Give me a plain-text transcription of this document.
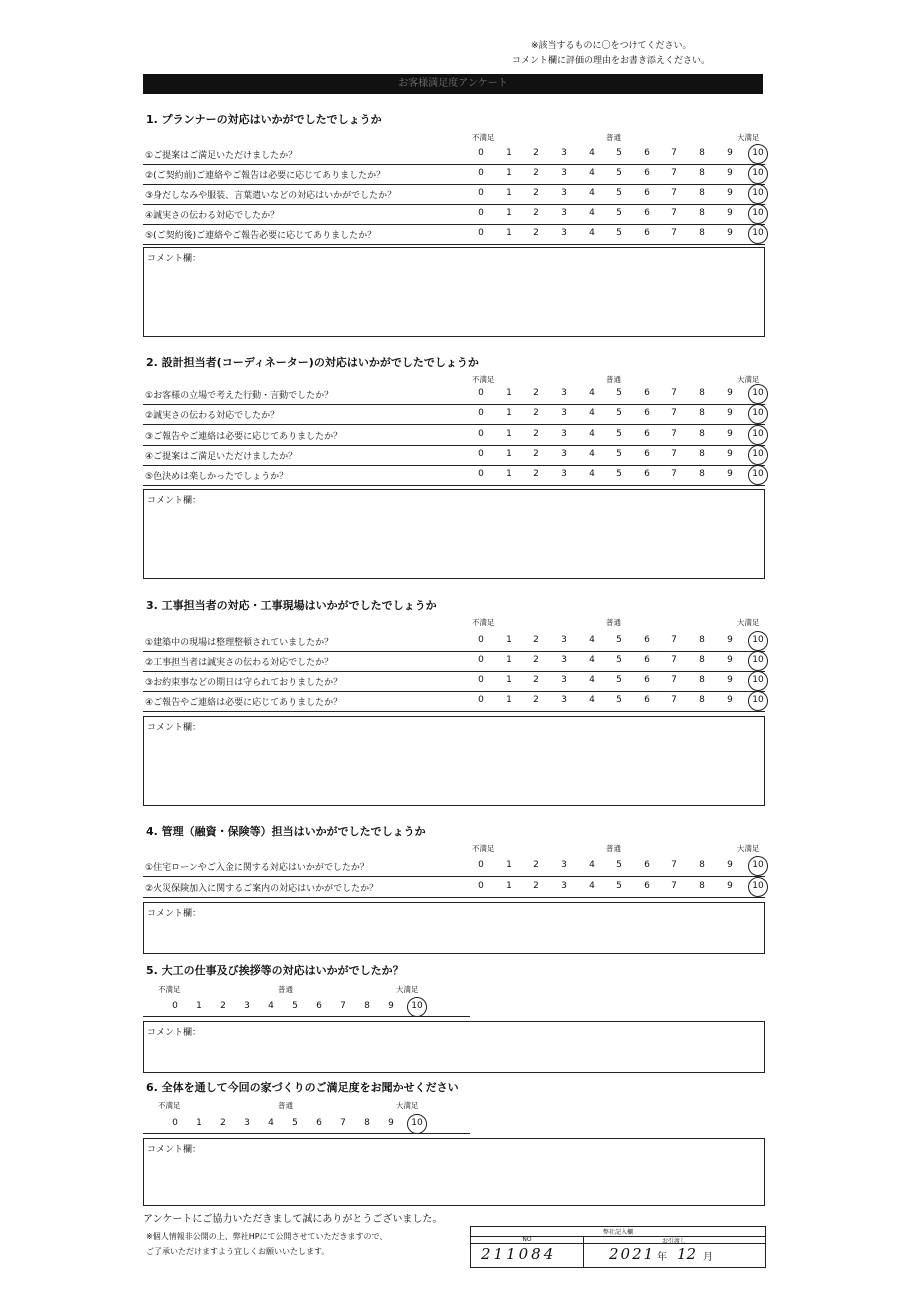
※該当するものに〇をつけてください。
コメント欄に評価の理由をお書き添えください。
お客様満足度アンケート
1. プランナーの対応はいかがでしたでしょうか
不満足	普通	大満足
①ご提案はご満足いただけましたか？	0	1	2	3	4	5	6	7	8	9	10
②(ご契約前)ご連絡やご報告は必要に応じてありましたか？	0	1	2	3	4	5	6	7	8	9	10
③身だしなみや服装、言葉遣いなどの対応はいかがでしたか？	0	1	2	3	4	5	6	7	8	9	10
④誠実さの伝わる対応でしたか？	0	1	2	3	4	5	6	7	8	9	10
⑤(ご契約後)ご連絡やご報告必要に応じてありましたか？	0	1	2	3	4	5	6	7	8	9	10
コメント欄：
2. 設計担当者(コーディネーター)の対応はいかがでしたでしょうか
不満足	普通	大満足
①お客様の立場で考えた行動・言動でしたか？	0	1	2	3	4	5	6	7	8	9	10
②誠実さの伝わる対応でしたか？	0	1	2	3	4	5	6	7	8	9	10
③ご報告やご連絡は必要に応じてありましたか？	0	1	2	3	4	5	6	7	8	9	10
④ご提案はご満足いただけましたか？	0	1	2	3	4	5	6	7	8	9	10
⑤色決めは楽しかったでしょうか？	0	1	2	3	4	5	6	7	8	9	10
コメント欄：
3. 工事担当者の対応・工事現場はいかがでしたでしょうか
不満足	普通	大満足
①建築中の現場は整理整頓されていましたか？	0	1	2	3	4	5	6	7	8	9	10
②工事担当者は誠実さの伝わる対応でしたか？	0	1	2	3	4	5	6	7	8	9	10
③お約束事などの期日は守られておりましたか？	0	1	2	3	4	5	6	7	8	9	10
④ご報告やご連絡は必要に応じてありましたか？	0	1	2	3	4	5	6	7	8	9	10
コメント欄：
4. 管理（融資・保険等）担当はいかがでしたでしょうか
不満足	普通	大満足
①住宅ローンやご入金に関する対応はいかがでしたか？	0	1	2	3	4	5	6	7	8	9	10
②火災保険加入に関するご案内の対応はいかがでしたか？	0	1	2	3	4	5	6	7	8	9	10
コメント欄：
5. 大工の仕事及び挨拶等の対応はいかがでしたか？
不満足	普通	大満足
0	1	2	3	4	5	6	7	8	9	10
コメント欄：
6. 全体を通して今回の家づくりのご満足度をお聞かせください
不満足	普通	大満足
0	1	2	3	4	5	6	7	8	9	10
コメント欄：
アンケートにご協力いただきまして誠にありがとうございました。
※個人情報非公開の上、弊社HPにて公開させていただきますので、
ご了承いただけますよう宜しくお願いいたします。
弊社記入欄
NO	お引渡し
211084	2021 年 12 月
